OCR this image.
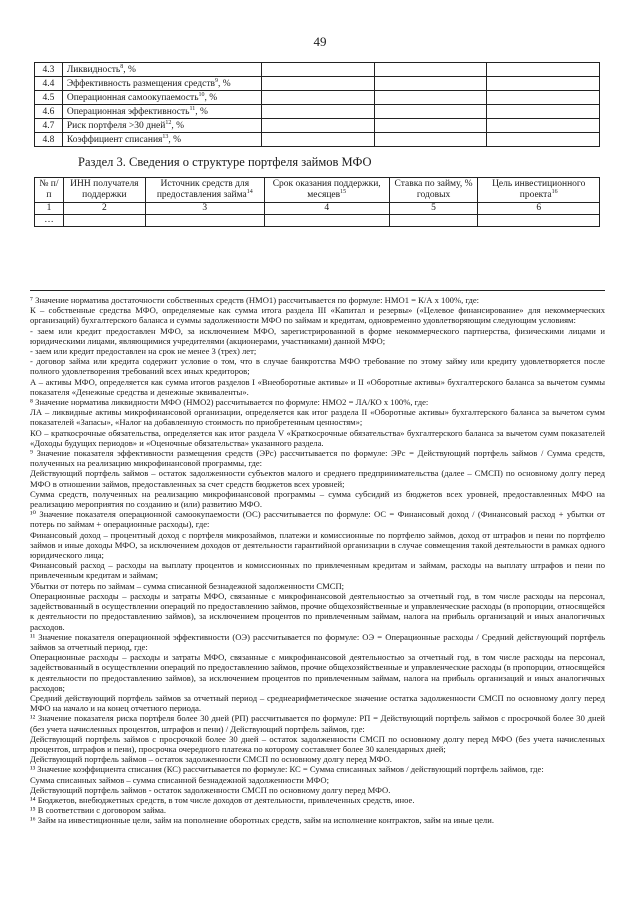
49
4.3	Ликвидность$^8$, %			
4.4	Эффективность размещения средств$^9$, %			
4.5	Операционная самоокупаемость$^{10}$, %			
4.6	Операционная эффективность$^{11}$, %			
4.7	Риск портфеля >30 дней$^{12}$, %			
4.8	Коэффициент списания$^{13}$, %			
Раздел 3. Сведения о структуре портфеля займов МФО
№ п/п	ИНН получателя поддержки	Источник средств для предоставления займа$^{14}$	Срок оказания поддержки, месяцев$^{15}$	Ставка по займу, % годовых	Цель инвестиционного проекта$^{16}$
1	2	3	4	5	6
…					

⁷ Значение норматива достаточности собственных средств (НМО1) рассчитывается по формуле: НМО1 = К/А х 100%, где:

К – собственные средства МФО, определяемые как сумма итога раздела III «Капитал и резервы» («Целевое финансирование» для некоммерческих организаций) бухгалтерского баланса и суммы задолженности МФО по займам и кредитам, одновременно удовлетворяющим следующим условиям:

- заем или кредит предоставлен МФО, за исключением МФО, зарегистрированной в форме некоммерческого партнерства, физическими лицами и юридическими лицами, являющимися учредителями (акционерами, участниками) данной МФО;

- заем или кредит предоставлен на срок не менее 3 (трех) лет;

- договор займа или кредита содержит условие о том, что в случае банкротства МФО требование по этому займу или кредиту удовлетворяется после полного удовлетворения требований всех иных кредиторов;

А – активы МФО, определяется как сумма итогов разделов I «Внеоборотные активы» и II «Оборотные активы» бухгалтерского баланса за вычетом суммы показателя «Денежные средства и денежные эквиваленты».

⁸ Значение норматива ликвидности МФО (НМО2) рассчитывается по формуле: НМО2 = ЛА/КО х 100%, где:

ЛА – ликвидные активы микрофинансовой организации, определяется как итог раздела II «Оборотные активы» бухгалтерского баланса за вычетом сумм показателей «Запасы», «Налог на добавленную стоимость по приобретенным ценностям»;

КО – краткосрочные обязательства, определяется как итог раздела V «Краткосрочные обязательства» бухгалтерского баланса за вычетом сумм показателей «Доходы будущих периодов» и «Оценочные обязательства» указанного раздела.

⁹ Значение показателя эффективности размещения средств (ЭРс) рассчитывается по формуле: ЭРс = Действующий портфель займов / Сумма средств, полученных на реализацию микрофинансовой программы, где:

Действующий портфель займов – остаток задолженности субъектов малого и среднего предпринимательства (далее – СМСП) по основному долгу перед МФО в отношении займов, предоставленных за счет средств бюджетов всех уровней;

Сумма средств, полученных на реализацию микрофинансовой программы – сумма субсидий из бюджетов всех уровней, предоставленных МФО на реализацию мероприятия по созданию и (или) развитию МФО.

¹⁰ Значение показателя операционной самоокупаемости (ОС) рассчитывается по формуле: ОС = Финансовый доход / (Финансовый расход + убытки от потерь по займам + операционные расходы), где:

Финансовый доход – процентный доход с портфеля микрозаймов, платежи и комиссионные по портфелю займов, доход от штрафов и пени по портфелю займов и иные доходы МФО, за исключением доходов от деятельности гарантийной организации в случае совмещения такой деятельности в рамках одного юридического лица;

Финансовый расход – расходы на выплату процентов и комиссионных по привлеченным кредитам и займам, расходы на выплату штрафов и пени по привлеченным кредитам и займам;

Убытки от потерь по займам – сумма списанной безнадежной задолженности СМСП;

Операционные расходы – расходы и затраты МФО, связанные с микрофинансовой деятельностью за отчетный год, в том числе расходы на персонал, задействованный в осуществлении операций по предоставлению займов, прочие общехозяйственные и управленческие расходы (в пропорции, относящейся к деятельности по предоставлению займов), за исключением процентов по привлеченным займам, налога на прибыль организаций и иных аналогичных расходов.

¹¹ Значение показателя операционной эффективности (ОЭ) рассчитывается по формуле: ОЭ = Операционные расходы / Средний действующий портфель займов за отчетный период, где:

Операционные расходы – расходы и затраты МФО, связанные с микрофинансовой деятельностью за отчетный год, в том числе расходы на персонал, задействованный в осуществлении операций по предоставлению займов, прочие общехозяйственные и управленческие расходы (в пропорции, относящейся к деятельности по предоставлению займов), за исключением процентов по привлеченным займам, налога на прибыль организаций и иных аналогичных расходов;

Средний действующий портфель займов за отчетный период – среднеарифметическое значение остатка задолженности СМСП по основному долгу перед МФО на начало и на конец отчетного периода.

¹² Значение показателя риска портфеля более 30 дней (РП) рассчитывается по формуле: РП = Действующий портфель займов с просрочкой более 30 дней (без учета начисленных процентов, штрафов и пени) / Действующий портфель займов, где:

Действующий портфель займов с просрочкой более 30 дней – остаток задолженности СМСП по основному долгу перед МФО (без учета начисленных процентов, штрафов и пени), просрочка очередного платежа по которому составляет более 30 календарных дней;

Действующий портфель займов – остаток задолженности СМСП по основному долгу перед МФО.

¹³ Значение коэффициента списания (КС) рассчитывается по формуле: КС = Сумма списанных займов / действующий портфель займов, где:

Сумма списанных займов – сумма списанной безнадежной задолженности МФО;

Действующий портфель займов - остаток задолженности СМСП по основному долгу перед МФО.

¹⁴ Бюджетов, внебюджетных средств, в том числе доходов от деятельности, привлеченных средств, иное.

¹⁵ В соответствии с договором займа.

¹⁶ Займ на инвестиционные цели, займ на пополнение оборотных средств, займ на исполнение контрактов, займ на иные цели.
